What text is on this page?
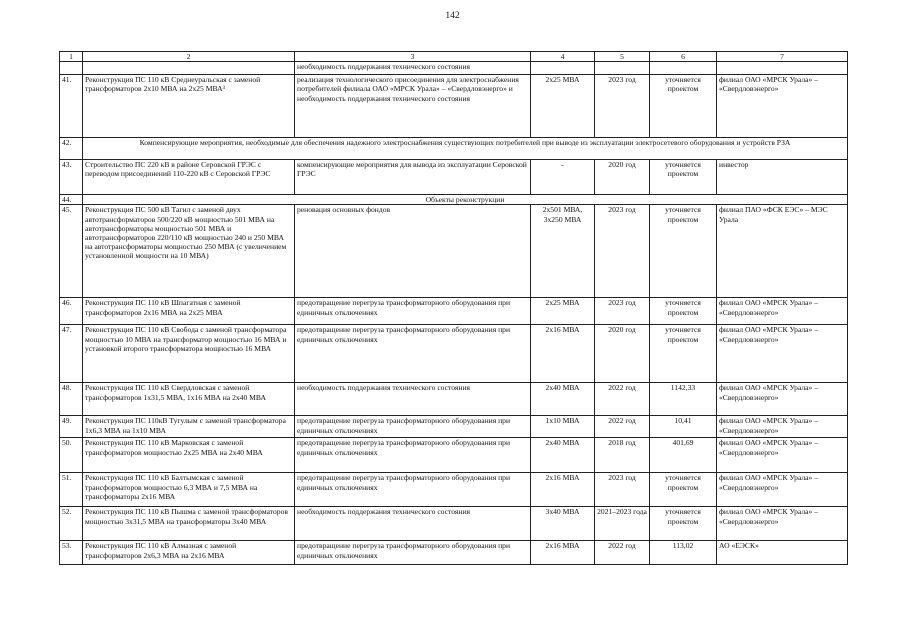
142
1	2	3	4	5	6	7
		необходимость поддержания технического состояния				
41.	Реконструкция ПС 110 кВ Среднеуральская с заменой трансформаторов 2х10 МВА на 2х25 МВА³	реализация технологического присоединения для электроснабжения потребителей филиала ОАО «МРСК Урала» – «Свердловэнерго» и необходимость поддержания технического состояния	2х25 МВА	2023 год	уточняется проектом	филиал ОАО «МРСК Урала» – «Свердловэнерго»
42.	Компенсирующие мероприятия, необходимые для обеспечения надежного электроснабжения существующих потребителей при выводе из эксплуатации электросетевого оборудования и устройств РЗА					
43.	Строительство ПС 220 кВ в районе Серовской ГРЭС с переводом присоединений 110-220 кВ с Серовской ГРЭС	компенсирующие мероприятия для вывода из эксплуатации Серовской ГРЭС	-	2020 год	уточняется проектом	инвестор
44.	Объекты реконструкции					
45.	Реконструкция ПС 500 кВ Тагил с заменой двух автотрансформаторов 500/220 кВ мощностью 501 МВА на автотрансформаторы мощностью 501 МВА и автотрансформаторов 220/110 кВ мощностью 240 и 250 МВА на автотрансформаторы мощностью 250 МВА (с увеличением установленной мощности на 10 МВА)	реновация основных фондов	2х501 МВА, 3х250 МВА	2023 год	уточняется проектом	филиал ПАО «ФСК ЕЭС» – МЭС Урала
46.	Реконструкция ПС 110 кВ Шпагатная с заменой трансформаторов 2х16 МВА на 2х25 МВА	предотвращение перегруза трансформаторного оборудования при единичных отключениях	2х25 МВА	2023 год	уточняется проектом	филиал ОАО «МРСК Урала» – «Свердловэнерго»
47.	Реконструкция ПС 110 кВ Свобода с заменой трансформатора мощностью 10 МВА на трансформатор мощностью 16 МВА и установкой второго трансформатора мощностью 16 МВА	предотвращение перегруза трансформаторного оборудования при единичных отключениях	2х16 МВА	2020 год	уточняется проектом	филиал ОАО «МРСК Урала» – «Свердловэнерго»
48.	Реконструкция ПС 110 кВ Свердловская с заменой трансформаторов 1х31,5 МВА, 1х16 МВА на 2х40 МВА	необходимость поддержания технического состояния	2х40 МВА	2022 год	1142,33	филиал ОАО «МРСК Урала» – «Свердловэнерго»
49.	Реконструкция ПС 110кВ Тугулым с заменой трансформатора 1х6,3 МВА на 1х10 МВА	предотвращение перегруза трансформаторного оборудования при единичных отключениях	1х10 МВА	2022 год	10,41	филиал ОАО «МРСК Урала» – «Свердловэнерго»
50.	Реконструкция ПС 110 кВ Марковская с заменой трансформаторов мощностью 2х25 МВА на 2х40 МВА	предотвращение перегруза трансформаторного оборудования при единичных отключениях	2х40 МВА	2018 год	401,69	филиал ОАО «МРСК Урала» – «Свердловэнерго»
51.	Реконструкция ПС 110 кВ Балтымская с заменой трансформаторов мощностью 6,3 МВА и 7,5 МВА на трансформаторы 2х16 МВА	предотвращение перегруза трансформаторного оборудования при единичных отключениях	2х16 МВА	2023 год	уточняется проектом	филиал ОАО «МРСК Урала» – «Свердловэнерго»
52.	Реконструкция ПС 110 кВ Пышма с заменой трансформаторов мощностью 3х31,5 МВА на трансформаторы 3х40 МВА	необходимость поддержания технического состояния	3х40 МВА	2021–2023 года	уточняется проектом	филиал ОАО «МРСК Урала» – «Свердловэнерго»
53.	Реконструкция ПС 110 кВ Алмазная с заменой трансформаторов 2х6,3 МВА на 2х16 МВА	предотвращение перегруза трансформаторного оборудования при единичных отключениях	2х16 МВА	2022 год	113,02	АО «ЕЭСК»
